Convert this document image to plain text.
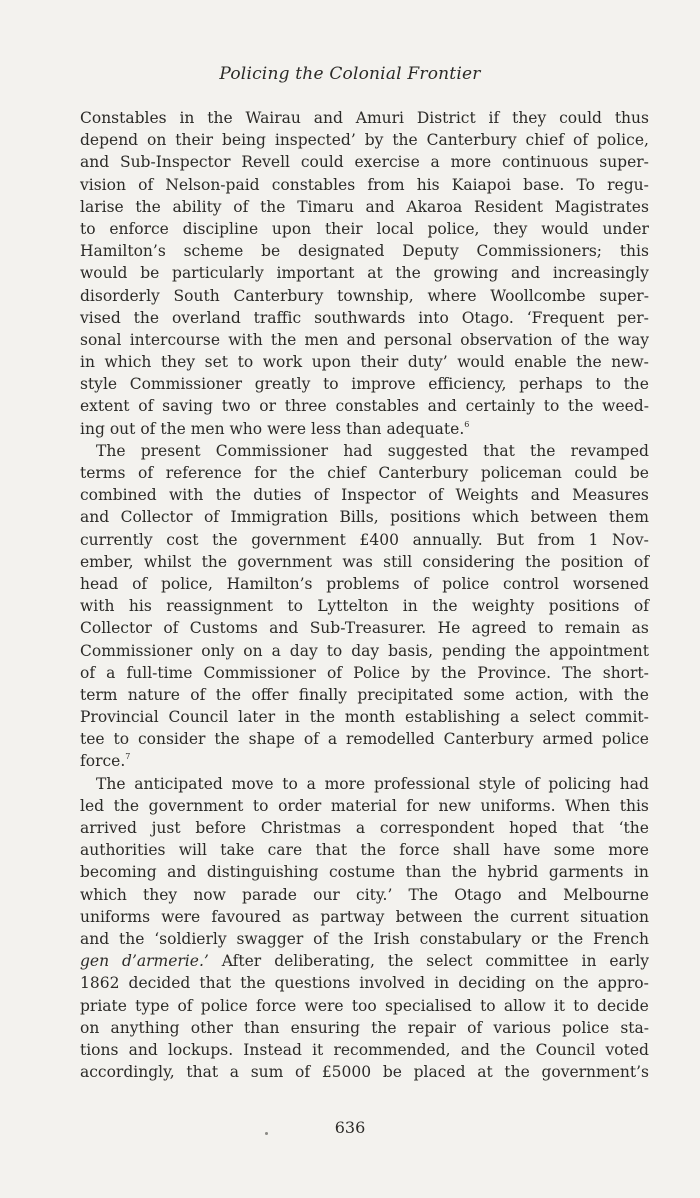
Policing the Colonial Frontier
Constables in the Wairau and Amuri District if they could thus
depend on their being inspected’ by the Canterbury chief of police,
and Sub-Inspector Revell could exercise a more continuous super-
vision of Nelson-paid constables from his Kaiapoi base. To regu-
larise the ability of the Timaru and Akaroa Resident Magistrates
to enforce discipline upon their local police, they would under
Hamilton’s scheme be designated Deputy Commissioners; this
would be particularly important at the growing and increasingly
disorderly South Canterbury township, where Woollcombe super-
vised the overland traffic southwards into Otago. ‘Frequent per-
sonal intercourse with the men and personal observation of the way
in which they set to work upon their duty’ would enable the new-
style Commissioner greatly to improve efficiency, perhaps to the
extent of saving two or three constables and certainly to the weed-
ing out of the men who were less than adequate.$^6$
The present Commissioner had suggested that the revamped
terms of reference for the chief Canterbury policeman could be
combined with the duties of Inspector of Weights and Measures
and Collector of Immigration Bills, positions which between them
currently cost the government £400 annually. But from 1 Nov-
ember, whilst the government was still considering the position of
head of police, Hamilton’s problems of police control worsened
with his reassignment to Lyttelton in the weighty positions of
Collector of Customs and Sub-Treasurer. He agreed to remain as
Commissioner only on a day to day basis, pending the appointment
of a full-time Commissioner of Police by the Province. The short-
term nature of the offer finally precipitated some action, with the
Provincial Council later in the month establishing a select commit-
tee to consider the shape of a remodelled Canterbury armed police
force.$^7$
The anticipated move to a more professional style of policing had
led the government to order material for new uniforms. When this
arrived just before Christmas a correspondent hoped that ‘the
authorities will take care that the force shall have some more
becoming and distinguishing costume than the hybrid garments in
which they now parade our city.’ The Otago and Melbourne
uniforms were favoured as partway between the current situation
and the ‘soldierly swagger of the Irish constabulary or the French
gen d’armerie.’ After deliberating, the select committee in early
1862 decided that the questions involved in deciding on the appro-
priate type of police force were too specialised to allow it to decide
on anything other than ensuring the repair of various police sta-
tions and lockups. Instead it recommended, and the Council voted
accordingly, that a sum of £5000 be placed at the government’s
636
